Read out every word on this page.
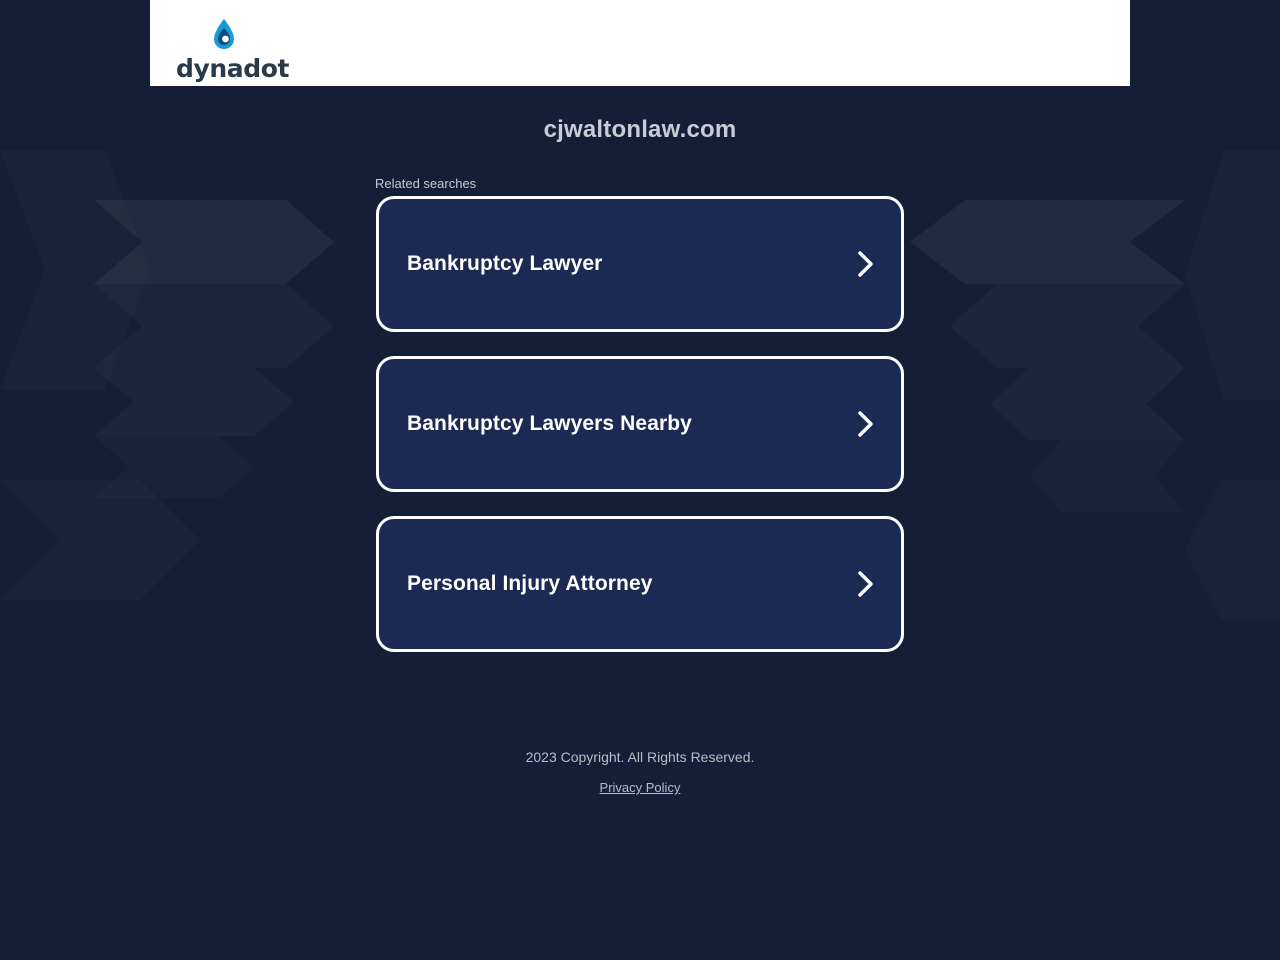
dynadot
cjwaltonlaw.com
Related searches
Bankruptcy Lawyer
Bankruptcy Lawyers Nearby
Personal Injury Attorney
2023 Copyright. All Rights Reserved.
Privacy Policy
